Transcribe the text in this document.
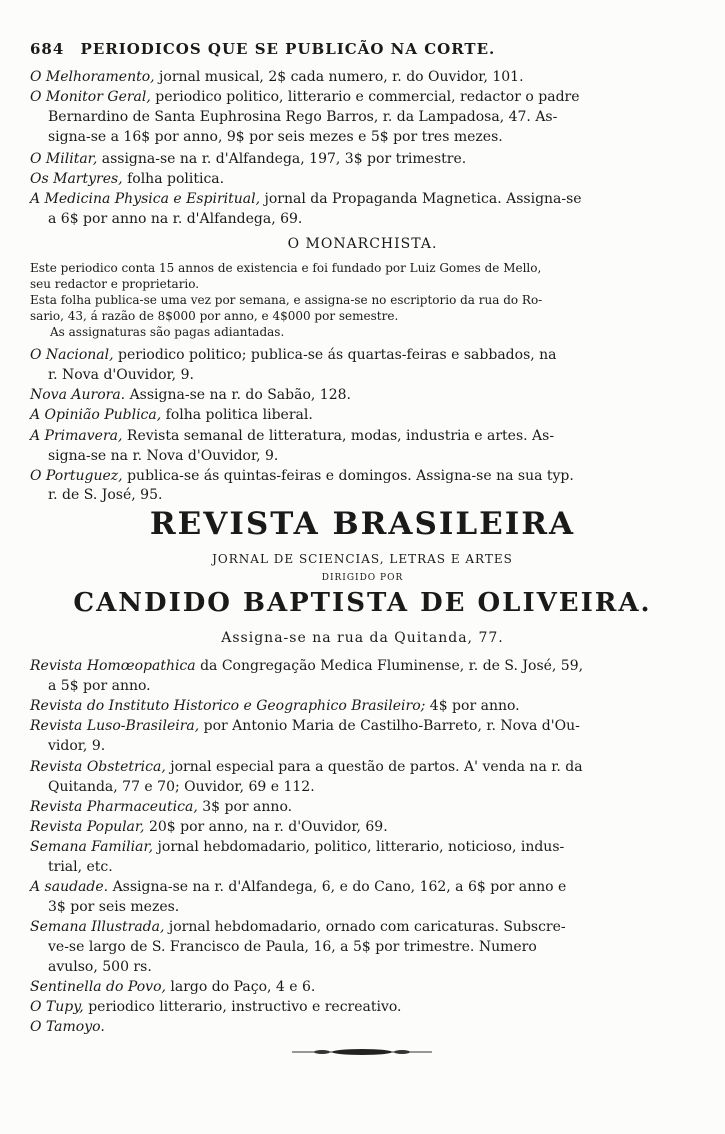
684 PERIODICOS QUE SE PUBLICÃO NA CORTE.
O Melhoramento, jornal musical, 2$ cada numero, r. do Ouvidor, 101.
O Monitor Geral, periodico politico, litterario e commercial, redactor o padre
Bernardino de Santa Euphrosina Rego Barros, r. da Lampadosa, 47. As-
signa-se a 16$ por anno, 9$ por seis mezes e 5$ por tres mezes.
O Militar, assigna-se na r. d'Alfandega, 197, 3$ por trimestre.
Os Martyres, folha politica.
A Medicina Physica e Espiritual, jornal da Propaganda Magnetica. Assigna-se
a 6$ por anno na r. d'Alfandega, 69.
O MONARCHISTA.
Este periodico conta 15 annos de existencia e foi fundado por Luiz Gomes de Mello,
seu redactor e proprietario.
Esta folha publica-se uma vez por semana, e assigna-se no escriptorio da rua do Ro-
sario, 43, á razão de 8$000 por anno, e 4$000 por semestre.
As assignaturas são pagas adiantadas.
O Nacional, periodico politico; publica-se ás quartas-feiras e sabbados, na
r. Nova d'Ouvidor, 9.
Nova Aurora. Assigna-se na r. do Sabão, 128.
A Opinião Publica, folha politica liberal.
A Primavera, Revista semanal de litteratura, modas, industria e artes. As-
signa-se na r. Nova d'Ouvidor, 9.
O Portuguez, publica-se ás quintas-feiras e domingos. Assigna-se na sua typ.
r. de S. José, 95.
REVISTA BRASILEIRA
JORNAL DE SCIENCIAS, LETRAS E ARTES
DIRIGIDO POR
CANDIDO BAPTISTA DE OLIVEIRA.
Assigna-se na rua da Quitanda, 77.
Revista Homœopathica da Congregação Medica Fluminense, r. de S. José, 59,
a 5$ por anno.
Revista do Instituto Historico e Geographico Brasileiro; 4$ por anno.
Revista Luso-Brasileira, por Antonio Maria de Castilho-Barreto, r. Nova d'Ou-
vidor, 9.
Revista Obstetrica, jornal especial para a questão de partos. A' venda na r. da
Quitanda, 77 e 70; Ouvidor, 69 e 112.
Revista Pharmaceutica, 3$ por anno.
Revista Popular, 20$ por anno, na r. d'Ouvidor, 69.
Semana Familiar, jornal hebdomadario, politico, litterario, noticioso, indus-
trial, etc.
A saudade. Assigna-se na r. d'Alfandega, 6, e do Cano, 162, a 6$ por anno e
3$ por seis mezes.
Semana Illustrada, jornal hebdomadario, ornado com caricaturas. Subscre-
ve-se largo de S. Francisco de Paula, 16, a 5$ por trimestre. Numero
avulso, 500 rs.
Sentinella do Povo, largo do Paço, 4 e 6.
O Tupy, periodico litterario, instructivo e recreativo.
O Tamoyo.
